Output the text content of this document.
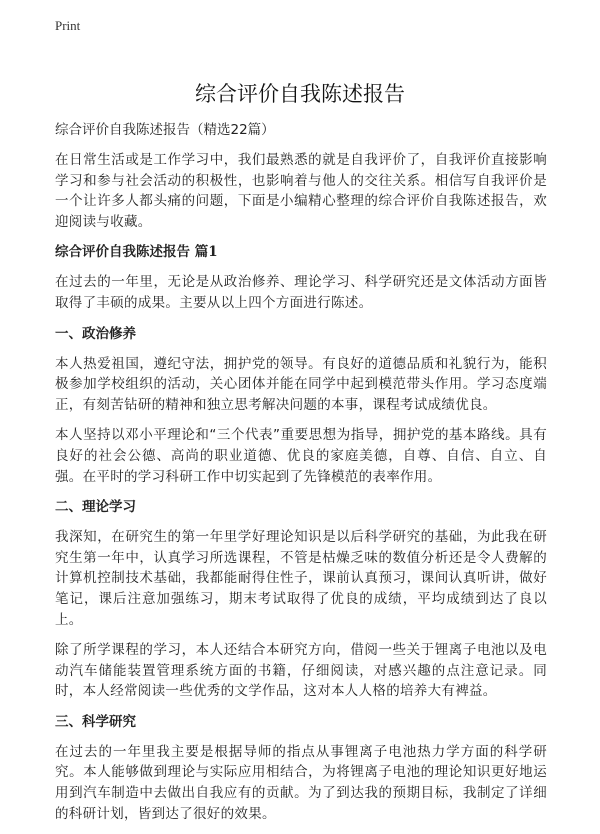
Print
综合评价自我陈述报告
综合评价自我陈述报告（精选22篇）

在日常生活或是工作学习中，我们最熟悉的就是自我评价了，自我评价直接影响学习和参与社会活动的积极性，也影响着与他人的交往关系。相信写自我评价是一个让许多人都头痛的问题，下面是小编精心整理的综合评价自我陈述报告，欢迎阅读与收藏。

综合评价自我陈述报告 篇1

在过去的一年里，无论是从政治修养、理论学习、科学研究还是文体活动方面皆取得了丰硕的成果。主要从以上四个方面进行陈述。

一、政治修养

本人热爱祖国，遵纪守法，拥护党的领导。有良好的道德品质和礼貌行为，能积极参加学校组织的活动，关心团体并能在同学中起到模范带头作用。学习态度端正，有刻苦钻研的精神和独立思考解决问题的本事，课程考试成绩优良。

本人坚持以邓小平理论和“三个代表”重要思想为指导，拥护党的基本路线。具有良好的社会公德、高尚的职业道德、优良的家庭美德，自尊、自信、自立、自强。在平时的学习科研工作中切实起到了先锋模范的表率作用。

二、理论学习

我深知，在研究生的第一年里学好理论知识是以后科学研究的基础，为此我在研究生第一年中，认真学习所选课程，不管是枯燥乏味的数值分析还是令人费解的计算机控制技术基础，我都能耐得住性子，课前认真预习，课间认真听讲，做好笔记，课后注意加强练习，期末考试取得了优良的成绩，平均成绩到达了良以上。

除了所学课程的学习，本人还结合本研究方向，借阅一些关于锂离子电池以及电动汽车储能装置管理系统方面的书籍，仔细阅读，对感兴趣的点注意记录。同时，本人经常阅读一些优秀的文学作品，这对本人人格的培养大有裨益。

三、科学研究

在过去的一年里我主要是根据导师的指点从事锂离子电池热力学方面的科学研究。本人能够做到理论与实际应用相结合，为将锂离子电池的理论知识更好地运用到汽车制造中去做出自我应有的贡献。为了到达我的预期目标，我制定了详细的科研计划，皆到达了很好的效果。
